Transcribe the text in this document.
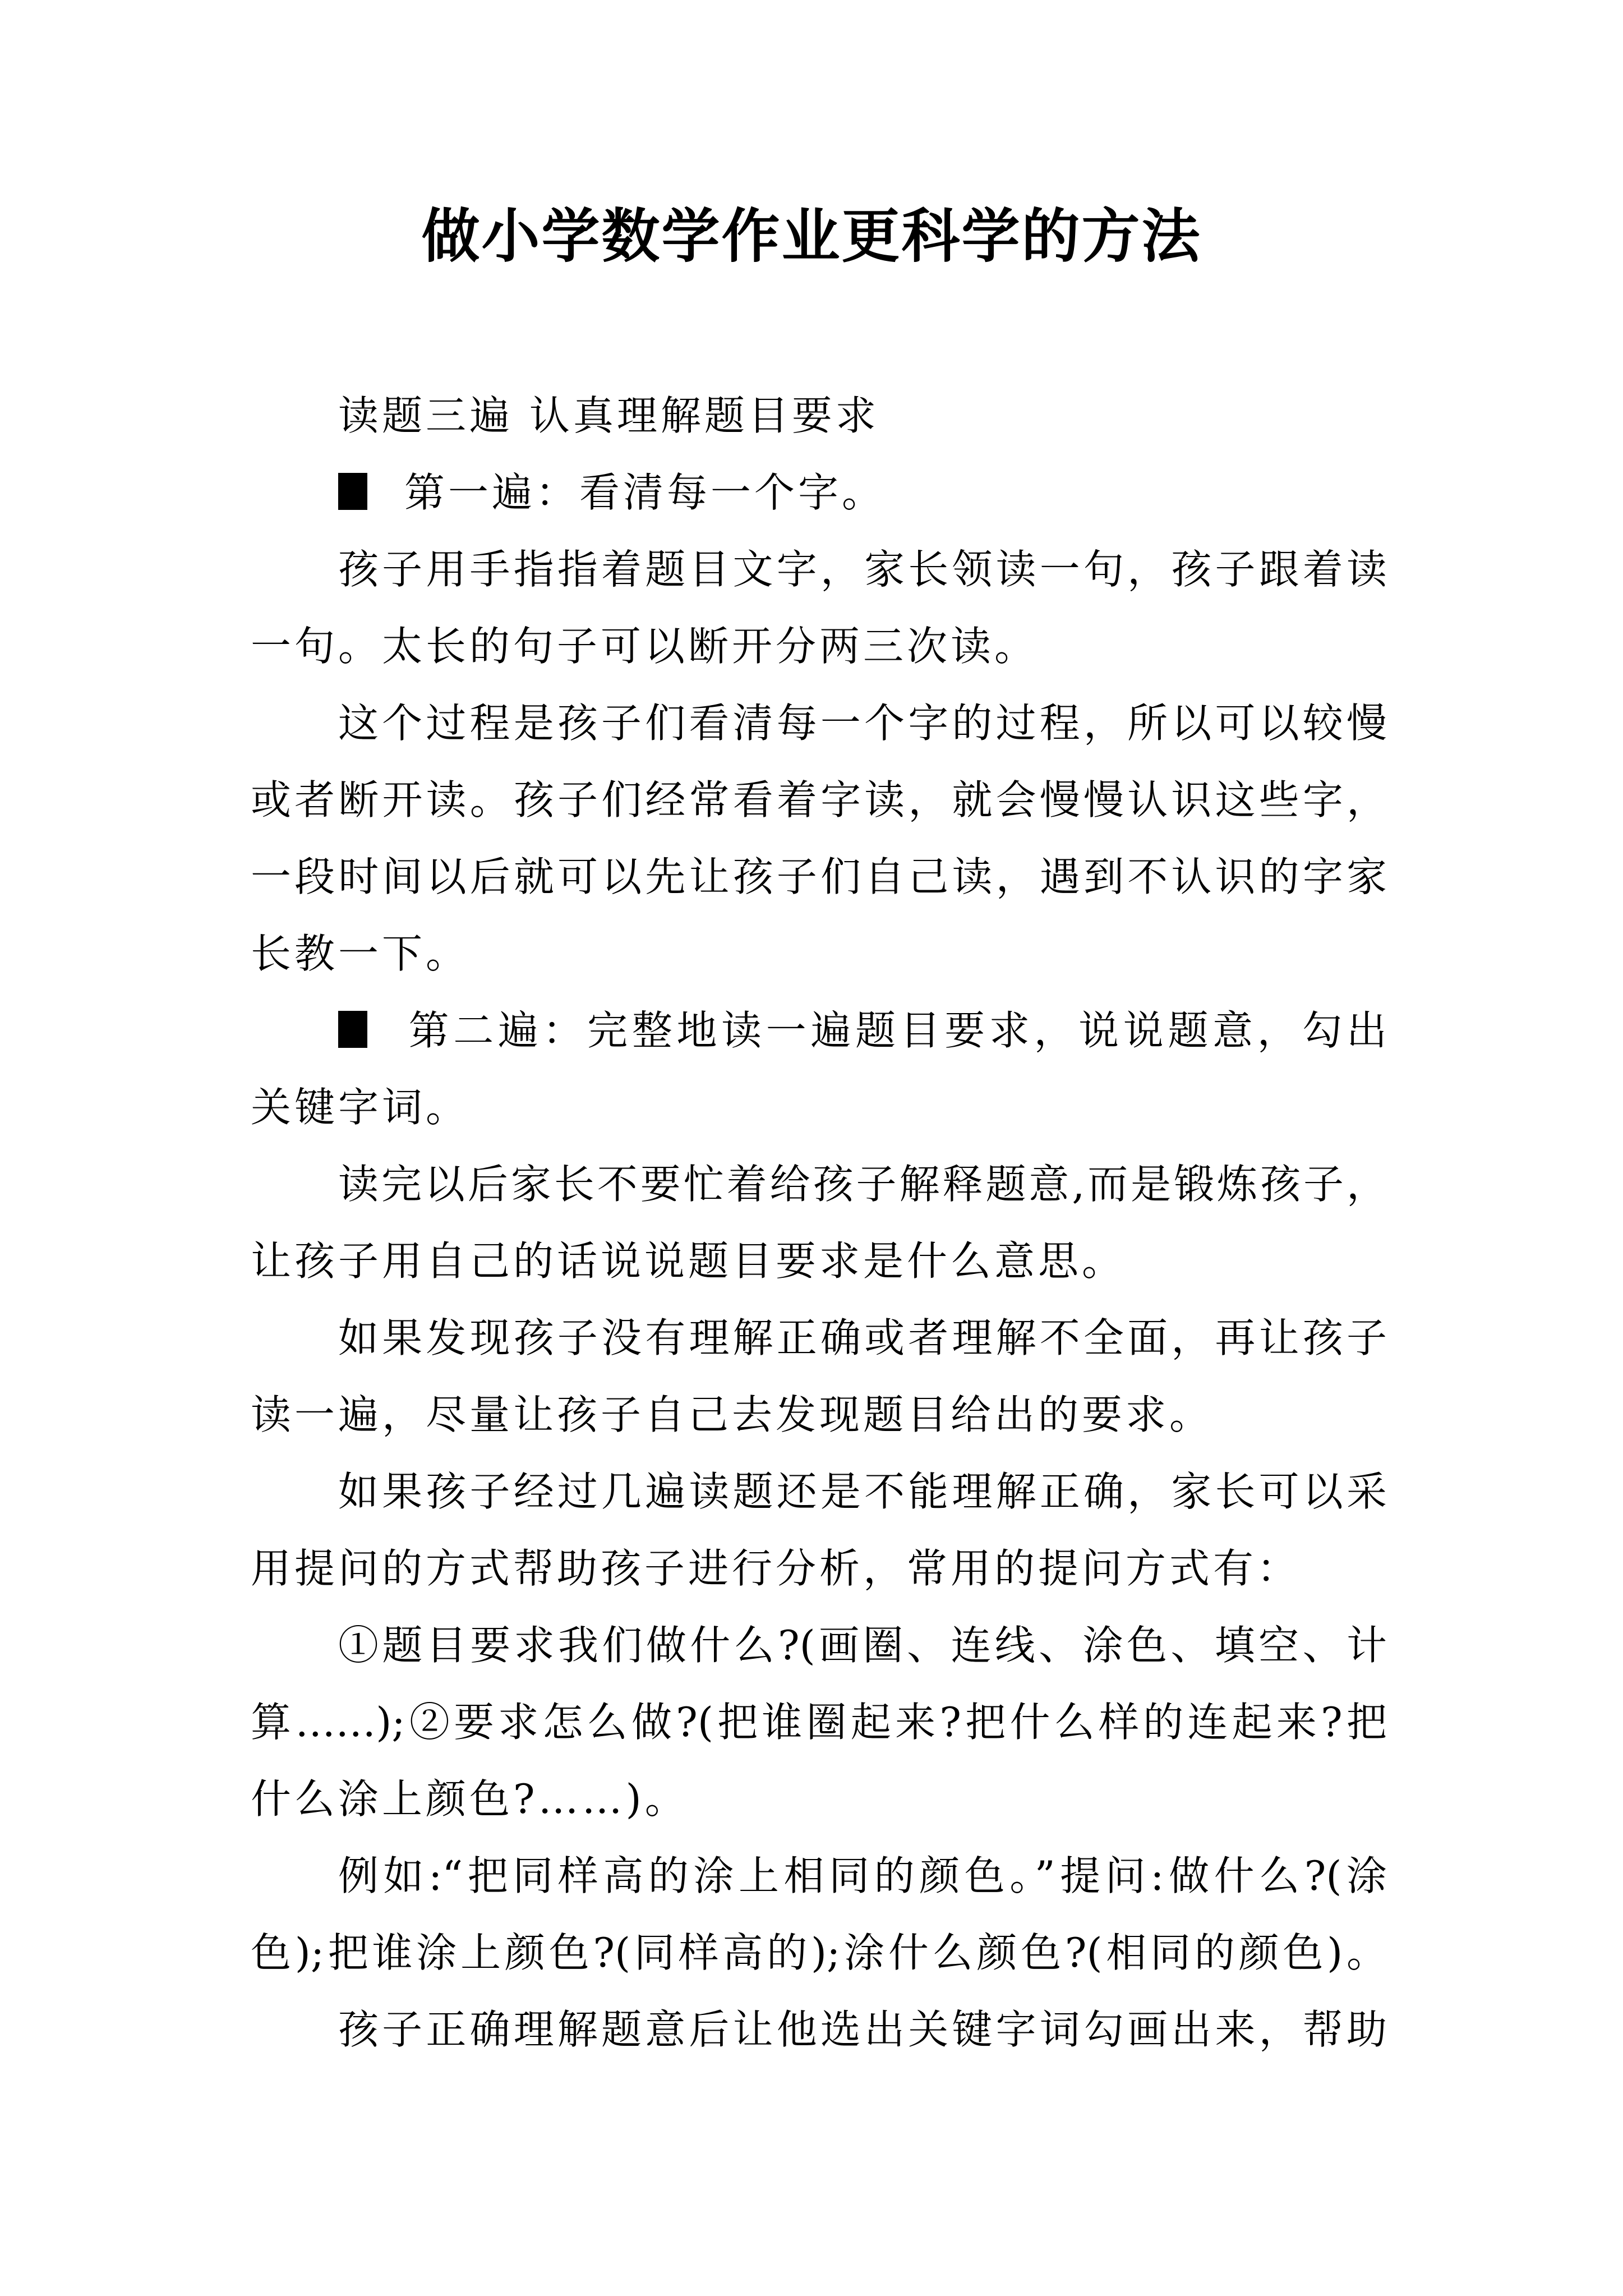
做小学数学作业更科学的方法
读题三遍 认真理解题目要求
第一遍：看清每一个字。
孩子用手指指着题目文字，家长领读一句，孩子跟着读
一句。太长的句子可以断开分两三次读。
这个过程是孩子们看清每一个字的过程，所以可以较慢
或者断开读。孩子们经常看着字读，就会慢慢认识这些字，
一段时间以后就可以先让孩子们自己读，遇到不认识的字家
长教一下。
第二遍：完整地读一遍题目要求，说说题意，勾出
关键字词。
读完以后家长不要忙着给孩子解释题意,而是锻炼孩子，
让孩子用自己的话说说题目要求是什么意思。
如果发现孩子没有理解正确或者理解不全面，再让孩子
读一遍，尽量让孩子自己去发现题目给出的要求。
如果孩子经过几遍读题还是不能理解正确，家长可以采
用提问的方式帮助孩子进行分析，常用的提问方式有：
①题目要求我们做什么?(画圈、连线、涂色、填空、计
算……);②要求怎么做?(把谁圈起来?把什么样的连起来?把
什么涂上颜色?……)。
例如:“把同样高的涂上相同的颜色。”提问:做什么?(涂
色);把谁涂上颜色?(同样高的);涂什么颜色?(相同的颜色)。
孩子正确理解题意后让他选出关键字词勾画出来，帮助
